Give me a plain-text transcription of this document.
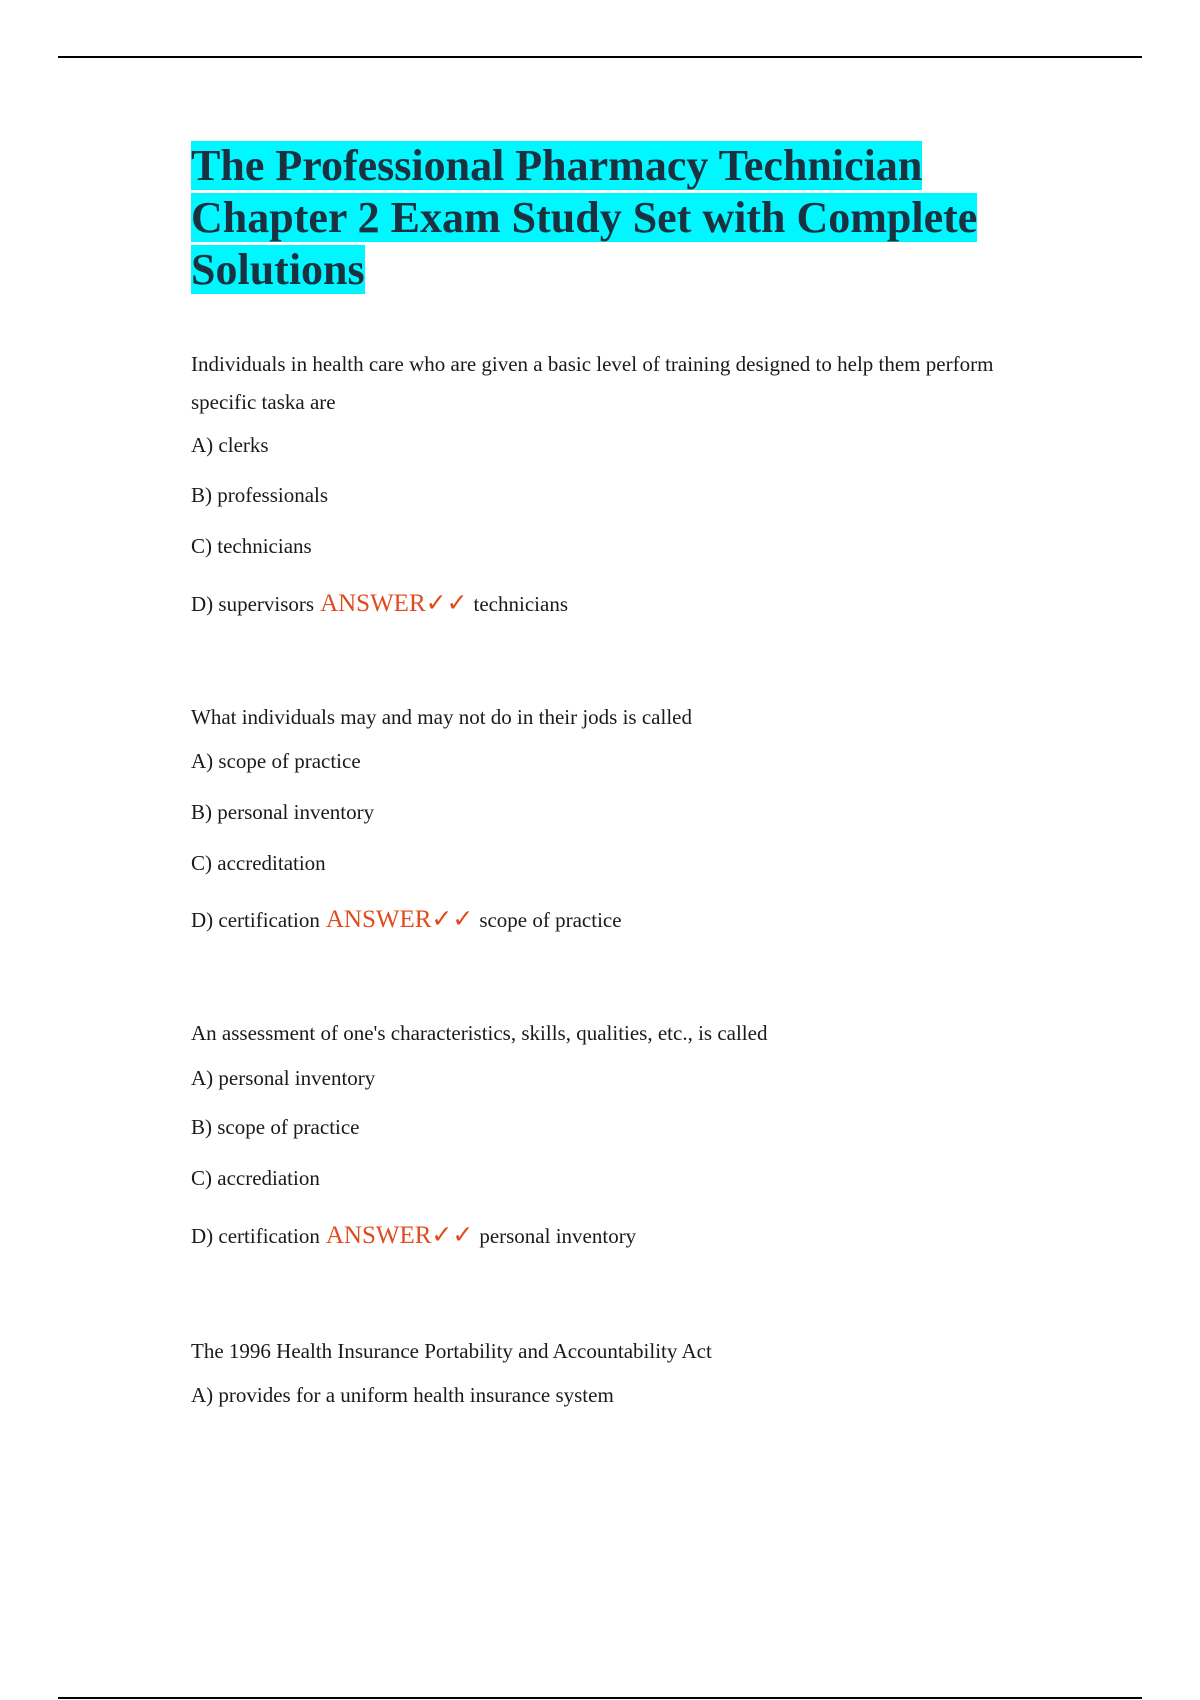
The Professional Pharmacy Technician Chapter 2 Exam Study Set with Complete Solutions

Individuals in health care who are given a basic level of training designed to help them perform specific taska are

A) clerks

B) professionals

C) technicians

D) supervisors ANSWER✓✓ technicians

What individuals may and may not do in their jods is called

A) scope of practice

B) personal inventory

C) accreditation

D) certification ANSWER✓✓ scope of practice

An assessment of one's characteristics, skills, qualities, etc., is called

A) personal inventory

B) scope of practice

C) accrediation

D) certification ANSWER✓✓ personal inventory

The 1996 Health Insurance Portability and Accountability Act

A) provides for a uniform health insurance system
